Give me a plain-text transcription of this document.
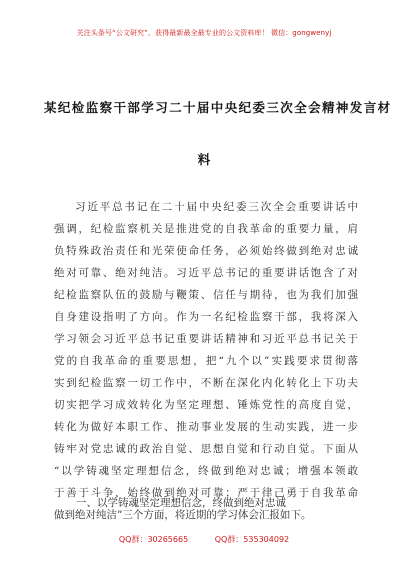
关注头条号“公文研究”，获得最新最全最专业的公文资料库！ 微信：gongwenyj
某纪检监察干部学习二十届中央纪委三次全会精神发言材
料
习近平总书记在二十届中央纪委三次全会重要讲话中
强调，纪检监察机关是推进党的自我革命的重要力量，肩
负特殊政治责任和光荣使命任务，必须始终做到绝对忠诚
绝对可靠、绝对纯洁。习近平总书记的重要讲话饱含了对
纪检监察队伍的鼓励与鞭策、信任与期待，也为我们加强
自身建设指明了方向。作为一名纪检监察干部，我将深入
学习领会习近平总书记重要讲话精神和习近平总书记关于
党的自我革命的重要思想，把“九个以”实践要求贯彻落
实到纪检监察一切工作中，不断在深化内化转化上下功夫
切实把学习成效转化为坚定理想、锤炼党性的高度自觉，
转化为做好本职工作、推动事业发展的生动实践，进一步
铸牢对党忠诚的政治自觉、思想自觉和行动自觉。下面从
“以学铸魂坚定理想信念，终做到绝对忠诚；增强本领敢
于善于斗争，始终做到绝对可靠；严于律己勇于自我革命
做到绝对纯洁”三个方面，将近期的学习体会汇报如下。
一、以学铸魂坚定理想信念，终做到绝对忠诚
QQ群：30265665	QQ群：535304092
